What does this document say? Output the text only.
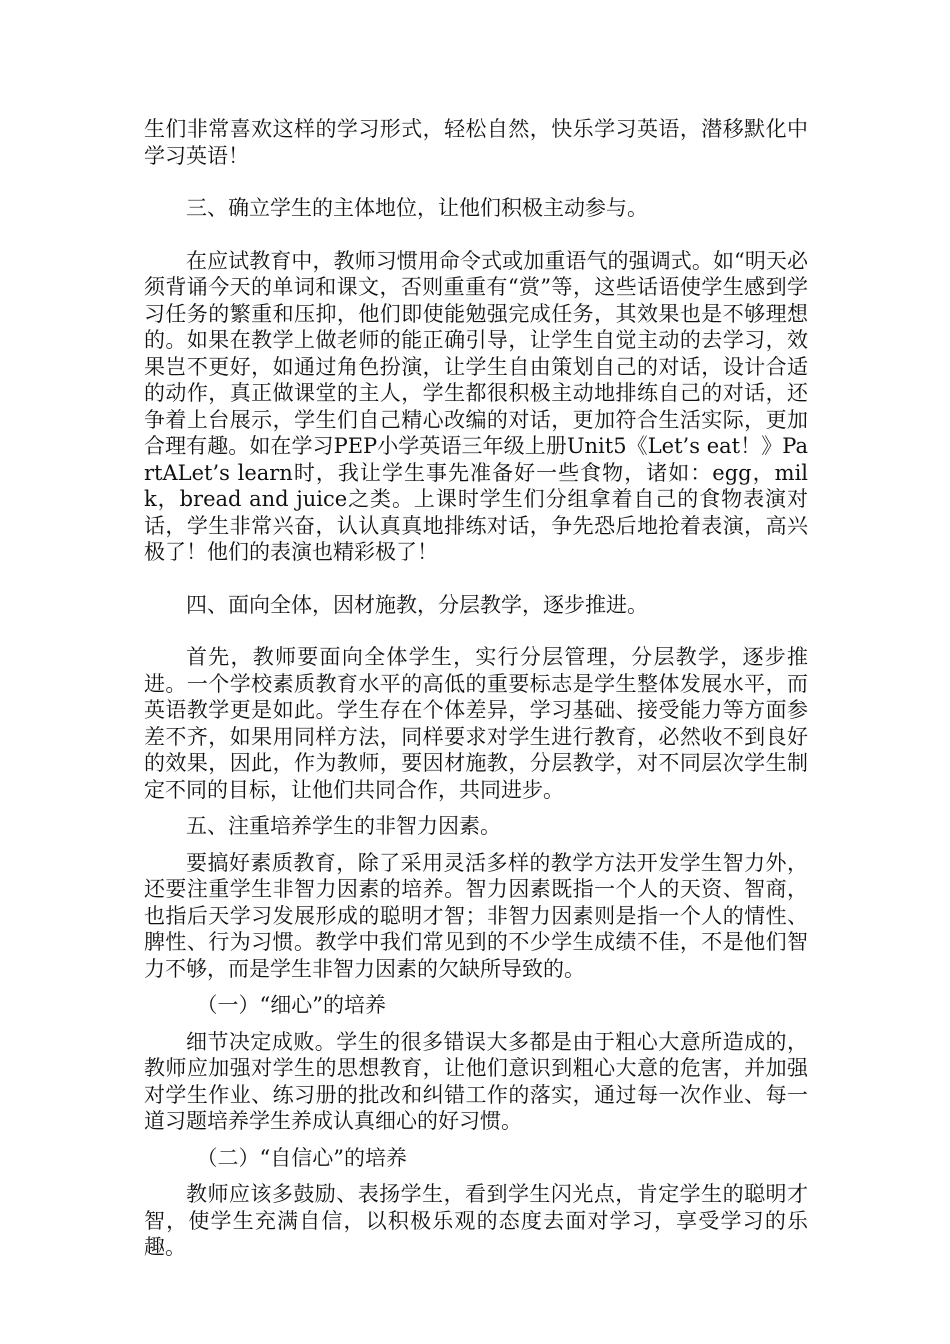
生们非常喜欢这样的学习形式，轻松自然，快乐学习英语，潜移默化中学习英语！

三、确立学生的主体地位，让他们积极主动参与。

在应试教育中，教师习惯用命令式或加重语气的强调式。如“明天必须背诵今天的单词和课文，否则重重有“赏”等，这些话语使学生感到学习任务的繁重和压抑，他们即使能勉强完成任务，其效果也是不够理想的。如果在教学上做老师的能正确引导，让学生自觉主动的去学习，效果岂不更好，如通过角色扮演，让学生自由策划自己的对话，设计合适的动作，真正做课堂的主人，学生都很积极主动地排练自己的对话，还争着上台展示，学生们自己精心改编的对话，更加符合生活实际，更加合理有趣。如在学习PEP小学英语三年级上册Unit5《Let’s eat！》PartALet’s learn时，我让学生事先准备好一些食物，诸如：egg，milk，bread and juice之类。上课时学生们分组拿着自己的食物表演对话，学生非常兴奋，认认真真地排练对话，争先恐后地抢着表演，高兴极了！他们的表演也精彩极了！

四、面向全体，因材施教，分层教学，逐步推进。

首先，教师要面向全体学生，实行分层管理，分层教学，逐步推进。一个学校素质教育水平的高低的重要标志是学生整体发展水平，而英语教学更是如此。学生存在个体差异，学习基础、接受能力等方面参差不齐，如果用同样方法，同样要求对学生进行教育，必然收不到良好的效果，因此，作为教师，要因材施教，分层教学，对不同层次学生制定不同的目标，让他们共同合作，共同进步。

五、注重培养学生的非智力因素。

要搞好素质教育，除了采用灵活多样的教学方法开发学生智力外，还要注重学生非智力因素的培养。智力因素既指一个人的天资、智商，也指后天学习发展形成的聪明才智；非智力因素则是指一个人的情性、脾性、行为习惯。教学中我们常见到的不少学生成绩不佳，不是他们智力不够，而是学生非智力因素的欠缺所导致的。

（一）“细心”的培养

细节决定成败。学生的很多错误大多都是由于粗心大意所造成的，教师应加强对学生的思想教育，让他们意识到粗心大意的危害，并加强对学生作业、练习册的批改和纠错工作的落实，通过每一次作业、每一道习题培养学生养成认真细心的好习惯。

（二）“自信心”的培养

教师应该多鼓励、表扬学生，看到学生闪光点，肯定学生的聪明才智，使学生充满自信，以积极乐观的态度去面对学习，享受学习的乐趣。
